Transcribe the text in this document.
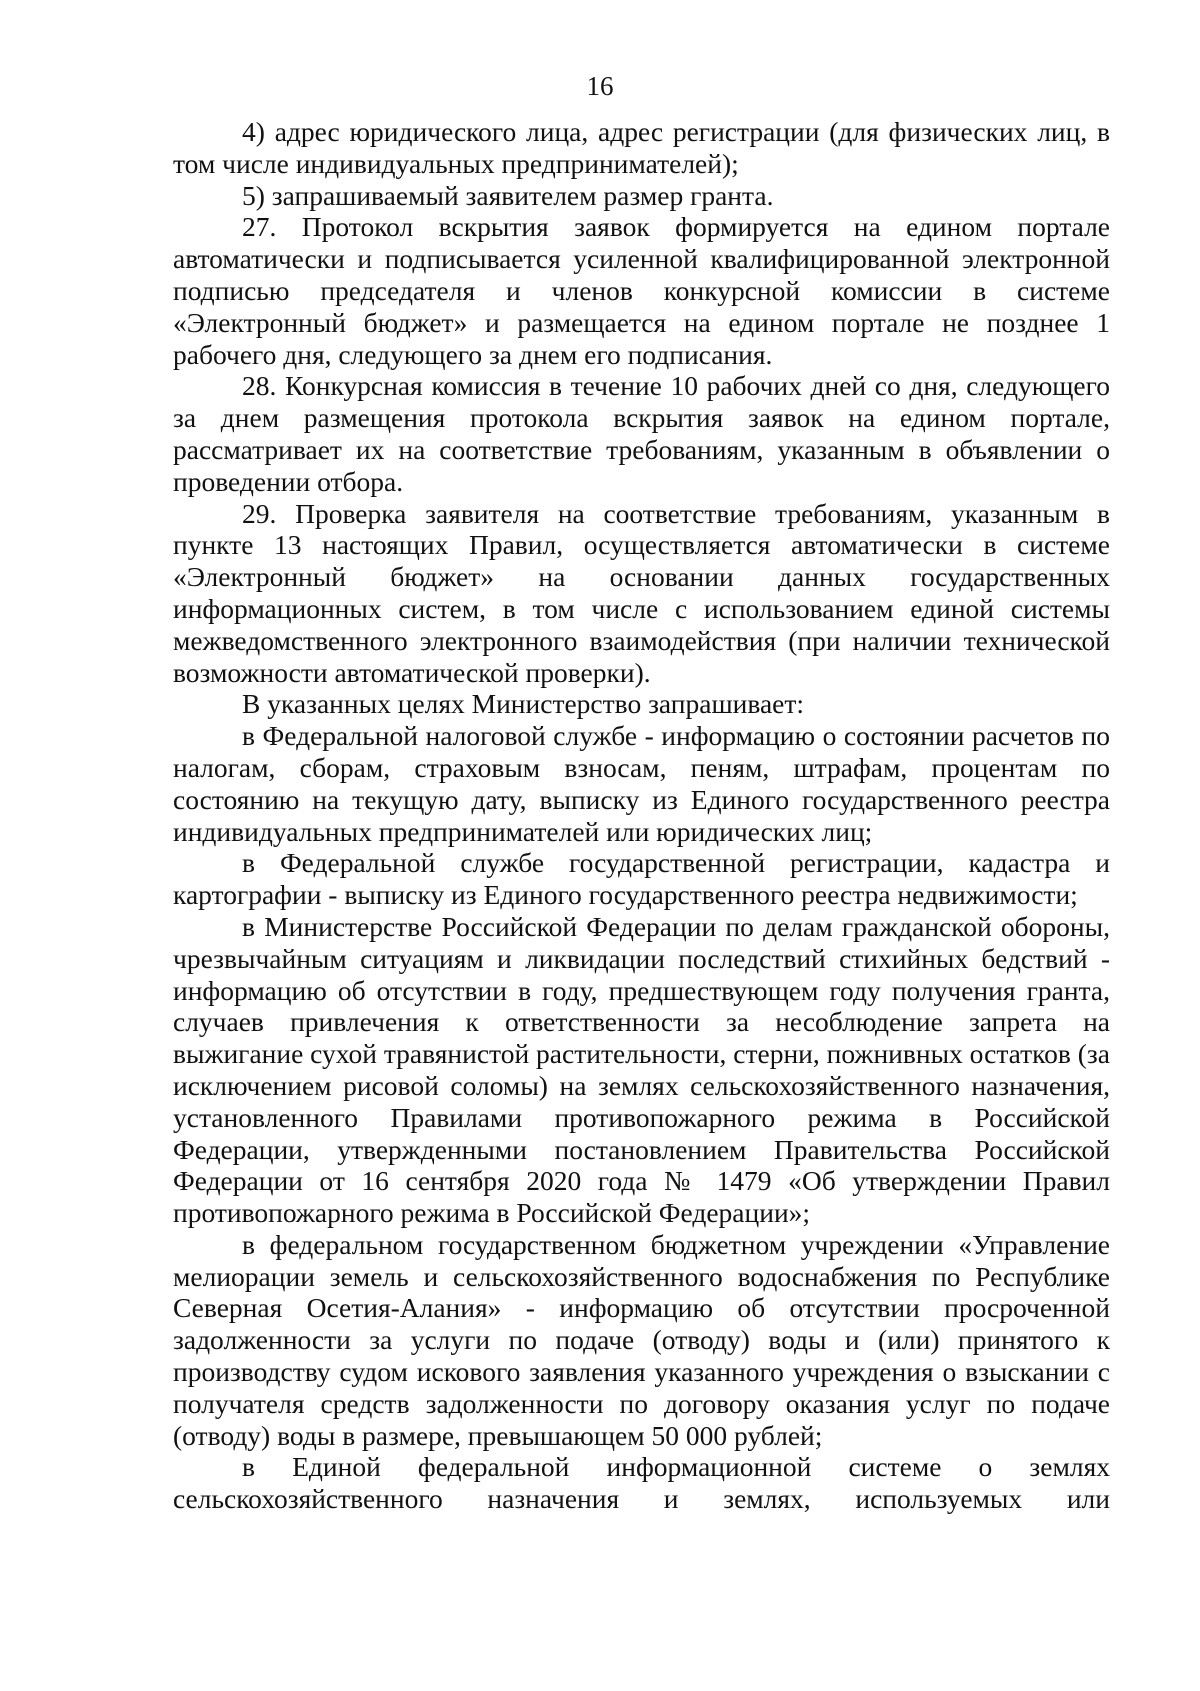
16

4) адрес юридического лица, адрес регистрации (для физических лиц, в том числе индивидуальных предпринимателей);

5) запрашиваемый заявителем размер гранта.

27. Протокол вскрытия заявок формируется на едином портале автоматически и подписывается усиленной квалифицированной электронной подписью председателя и членов конкурсной комиссии в системе «Электронный бюджет» и размещается на едином портале не позднее 1 рабочего дня, следующего за днем его подписания.

28. Конкурсная комиссия в течение 10 рабочих дней со дня, следующего за днем размещения протокола вскрытия заявок на едином портале, рассматривает их на соответствие требованиям, указанным в объявлении о проведении отбора.

29. Проверка заявителя на соответствие требованиям, указанным в пункте 13 настоящих Правил, осуществляется автоматически в системе «Электронный бюджет» на основании данных государственных информационных систем, в том числе с использованием единой системы межведомственного электронного взаимодействия (при наличии технической возможности автоматической проверки).

В указанных целях Министерство запрашивает:

в Федеральной налоговой службе - информацию о состоянии расчетов по налогам, сборам, страховым взносам, пеням, штрафам, процентам по состоянию на текущую дату, выписку из Единого государственного реестра индивидуальных предпринимателей или юридических лиц;

в Федеральной службе государственной регистрации, кадастра и картографии - выписку из Единого государственного реестра недвижимости;

в Министерстве Российской Федерации по делам гражданской обороны, чрезвычайным ситуациям и ликвидации последствий стихийных бедствий - информацию об отсутствии в году, предшествующем году получения гранта, случаев привлечения к ответственности за несоблюдение запрета на выжигание сухой травянистой растительности, стерни, пожнивных остатков (за исключением рисовой соломы) на землях сельскохозяйственного назначения, установленного Правилами противопожарного режима в Российской Федерации, утвержденными постановлением Правительства Российской Федерации от 16 сентября 2020 года № 1479 «Об утверждении Правил противопожарного режима в Российской Федерации»;

в федеральном государственном бюджетном учреждении «Управление мелиорации земель и сельскохозяйственного водоснабжения по Республике Северная Осетия-Алания» - информацию об отсутствии просроченной задолженности за услуги по подаче (отводу) воды и (или) принятого к производству судом искового заявления указанного учреждения о взыскании с получателя средств задолженности по договору оказания услуг по подаче (отводу) воды в размере, превышающем 50 000 рублей;

в Единой федеральной информационной системе о землях сельскохозяйственного назначения и землях, используемых или
